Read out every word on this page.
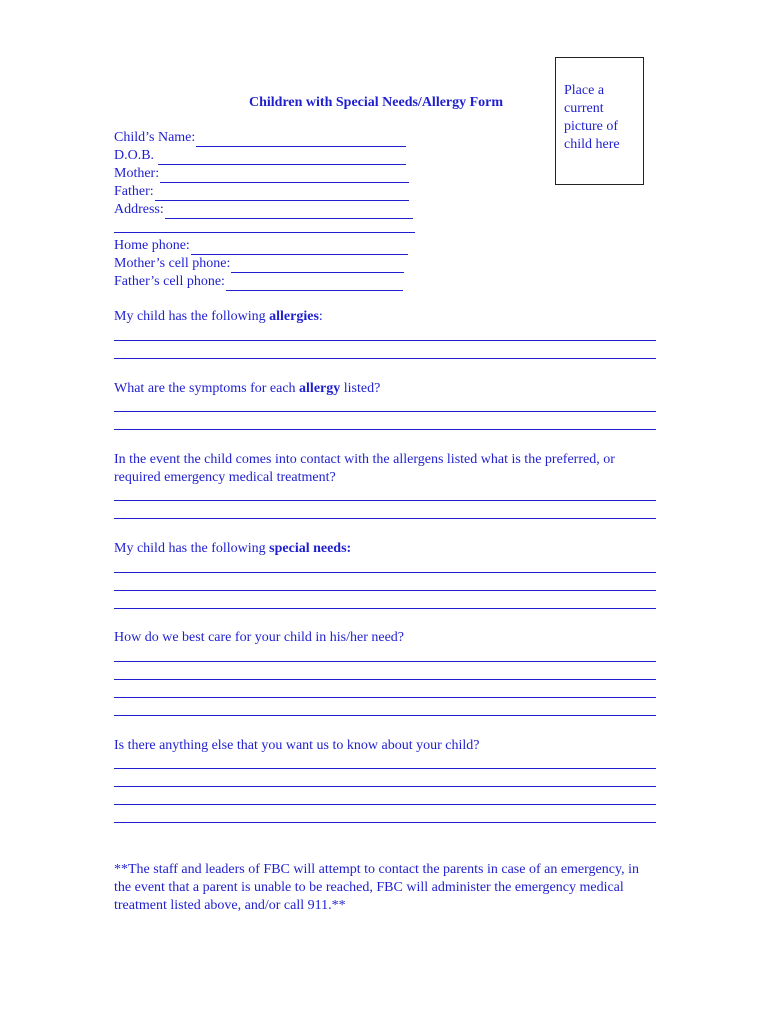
Place a
current
picture of
child here
Children with Special Needs/Allergy Form
Child’s Name:
D.O.B.
Mother:
Father:
Address:
Home phone:
Mother’s cell phone:
Father’s cell phone:
My child has the following allergies:
What are the symptoms for each allergy listed?
In the event the child comes into contact with the allergens listed what is the preferred, or required emergency medical treatment?
My child has the following special needs:
How do we best care for your child in his/her need?
Is there anything else that you want us to know about your child?
**The staff and leaders of FBC will attempt to contact the parents in case of an emergency, in the event that a parent is unable to be reached, FBC will administer the emergency medical treatment listed above, and/or call 911.**
